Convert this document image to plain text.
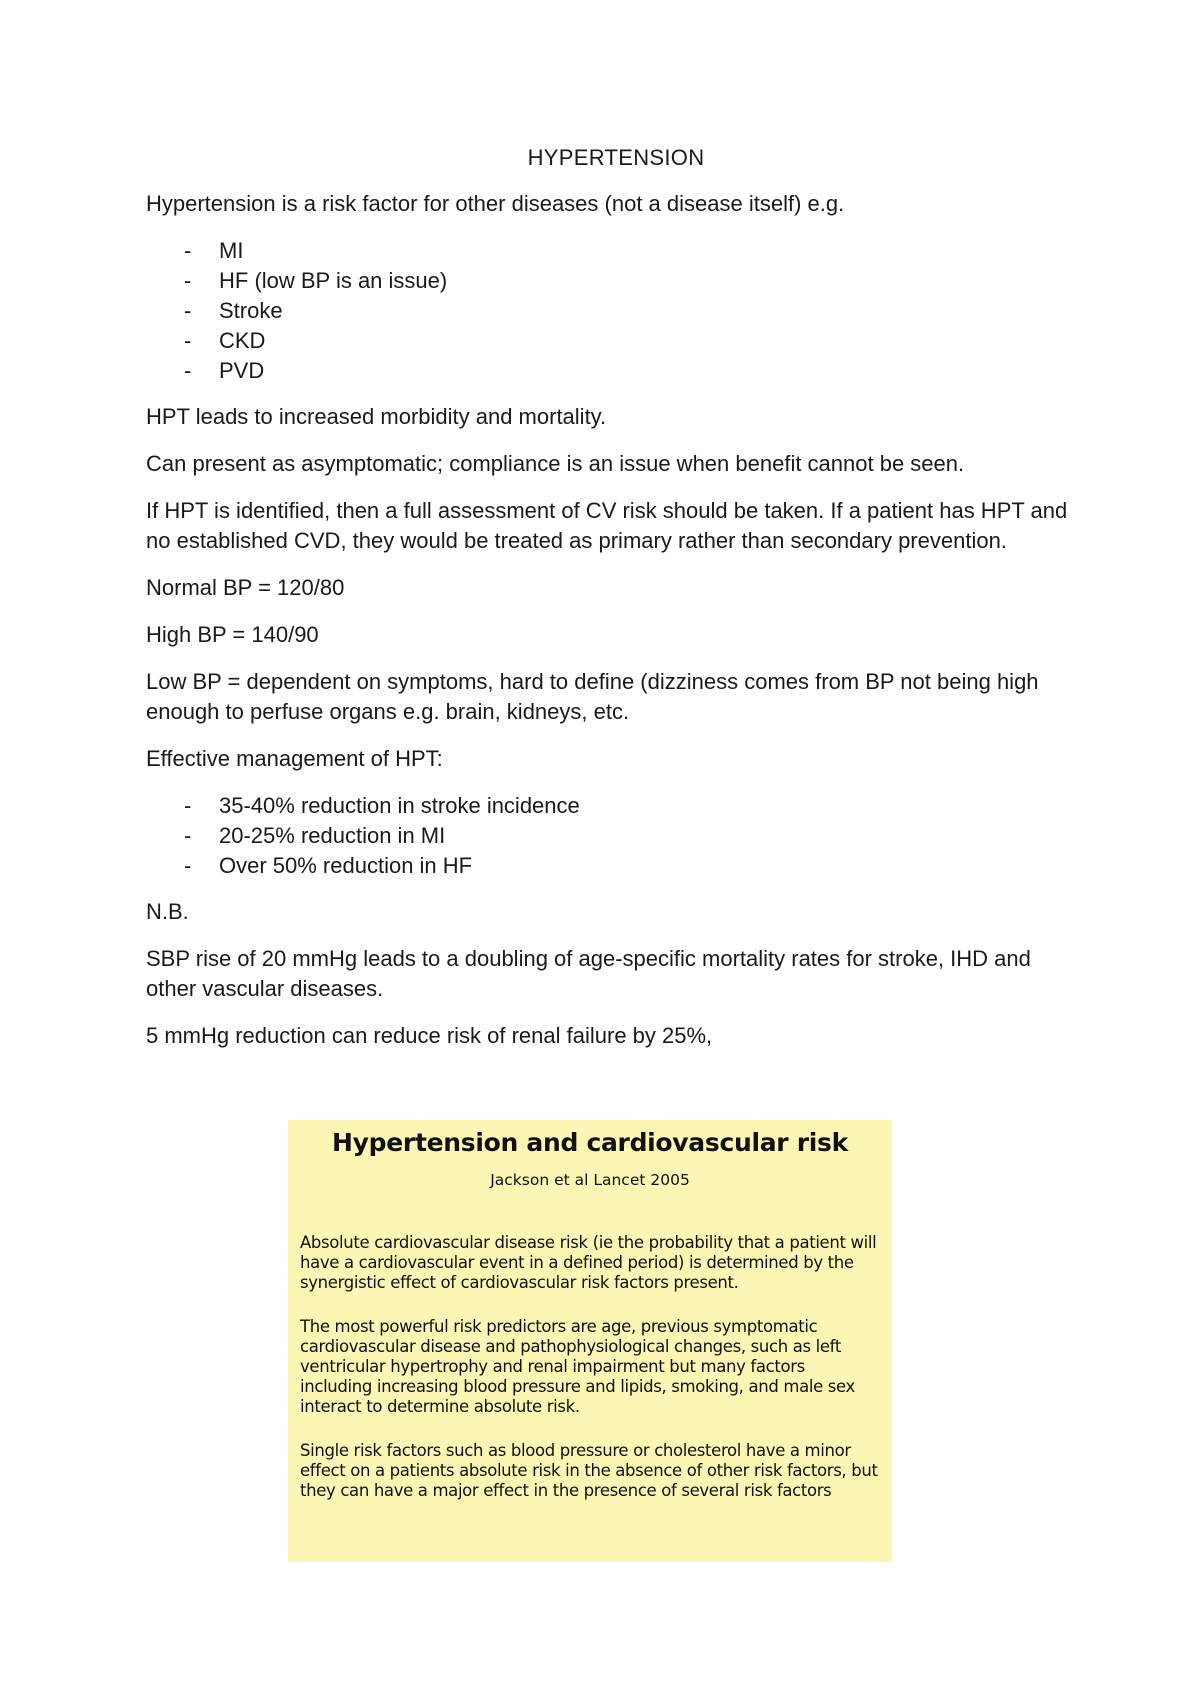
HYPERTENSION
Hypertension is a risk factor for other diseases (not a disease itself) e.g.
- MI
- HF (low BP is an issue)
- Stroke
- CKD
- PVD
HPT leads to increased morbidity and mortality.
Can present as asymptomatic; compliance is an issue when benefit cannot be seen.
If HPT is identified, then a full assessment of CV risk should be taken. If a patient has HPT and no established CVD, they would be treated as primary rather than secondary prevention.
Normal BP = 120/80
High BP = 140/90
Low BP = dependent on symptoms, hard to define (dizziness comes from BP not being high enough to perfuse organs e.g. brain, kidneys, etc.
Effective management of HPT:
- 35-40% reduction in stroke incidence
- 20-25% reduction in MI
- Over 50% reduction in HF
N.B.
SBP rise of 20 mmHg leads to a doubling of age-specific mortality rates for stroke, IHD and other vascular diseases.
5 mmHg reduction can reduce risk of renal failure by 25%,
Hypertension and cardiovascular risk
Jackson et al Lancet 2005
Absolute cardiovascular disease risk (ie the probability that a patient will have a cardiovascular event in a defined period) is determined by the synergistic effect of cardiovascular risk factors present.
The most powerful risk predictors are age, previous symptomatic cardiovascular disease and pathophysiological changes, such as left ventricular hypertrophy and renal impairment but many factors including increasing blood pressure and lipids, smoking, and male sex interact to determine absolute risk.
Single risk factors such as blood pressure or cholesterol have a minor effect on a patients absolute risk in the absence of other risk factors, but they can have a major effect in the presence of several risk factors
